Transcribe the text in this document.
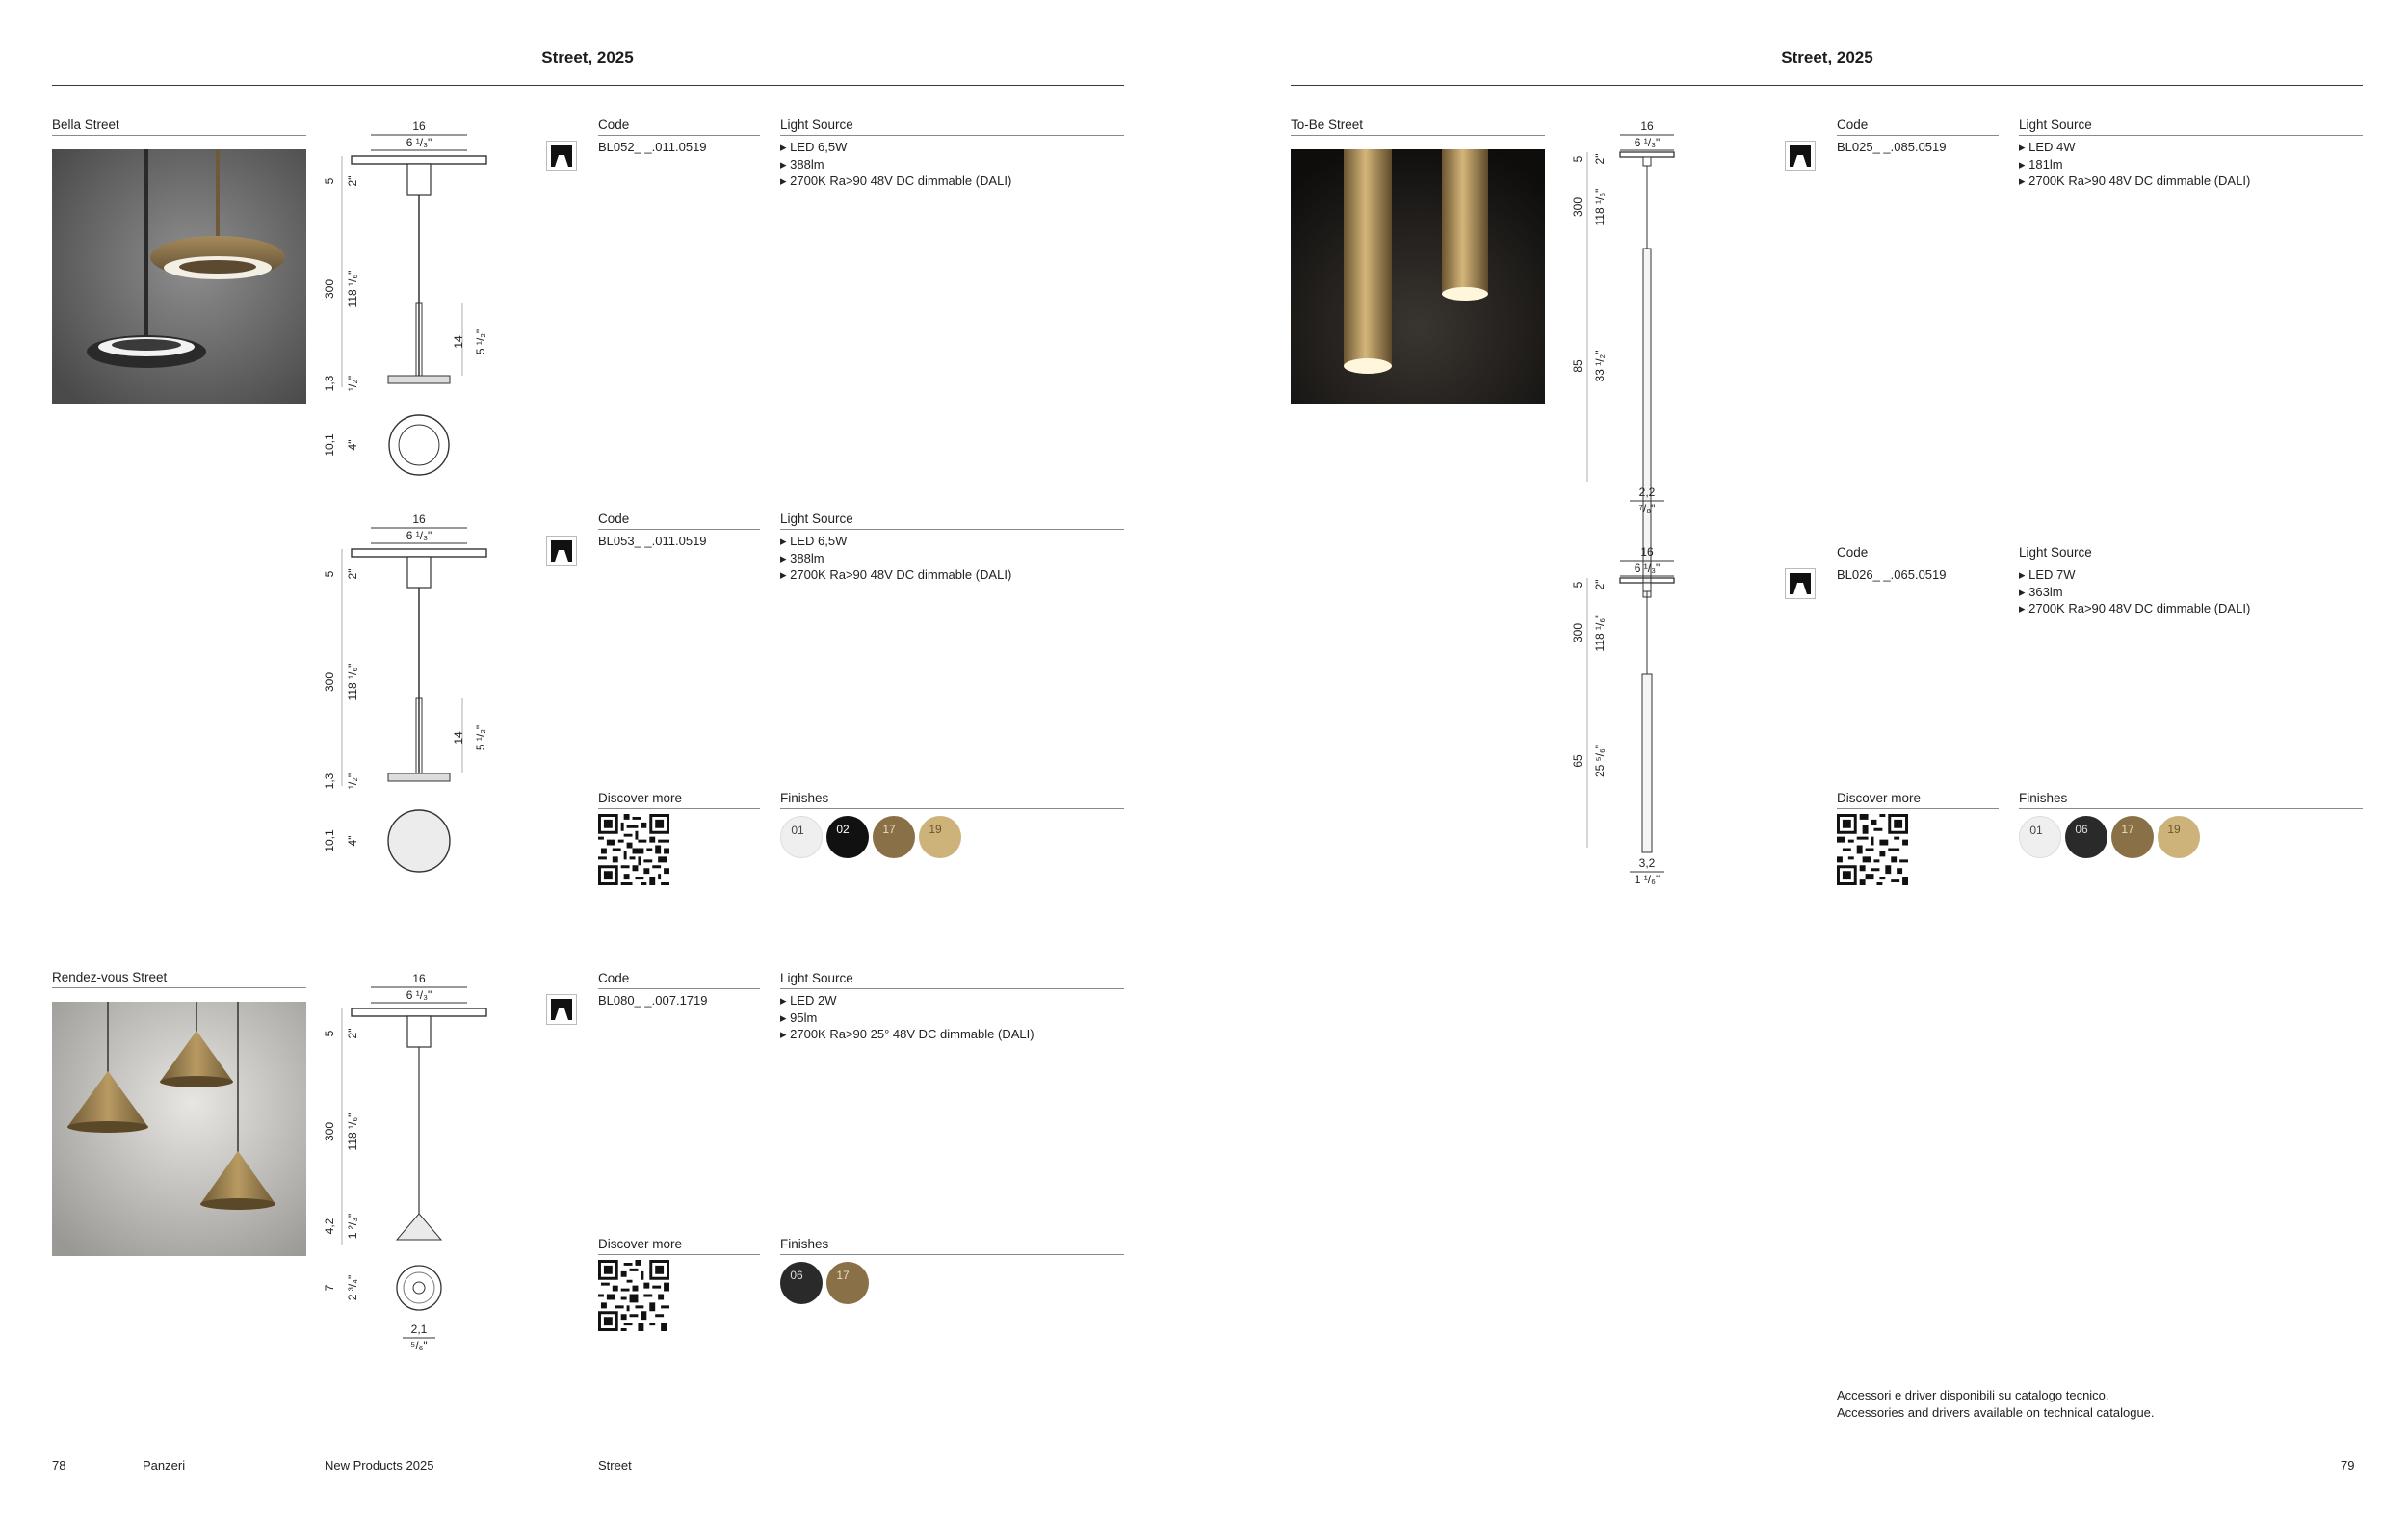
Street, 2025
Bella Street	16
6 ¹/₃"
5 2"
300 118 ¹/₆"
1,3 ¹/₂"
14 5 ¹/₂"
10,1 4"
Code
BL052_ _.011.0519
Light Source
▸ LED 6,5W
▸ 388lm
▸ 2700K Ra>90 48V DC dimmable (DALI)
16
6 ¹/₃"
5 2"
300 118 ¹/₆"
1,3 ¹/₂"
14 5 ¹/₂"
10,1 4"
Code
BL053_ _.011.0519
Light Source
▸ LED 6,5W
▸ 388lm
▸ 2700K Ra>90 48V DC dimmable (DALI)
Discover more	Finishes
01	02	17	19
Rendez-vous Street	16
6 ¹/₃"
5 2"
300 118 ¹/₆"
4,2 1 ²/₃"
7 2 ³/₄"
2,1
⁵/₆"
Code
BL080_ _.007.1719
Light Source
▸ LED 2W
▸ 95lm
▸ 2700K Ra>90 25° 48V DC dimmable (DALI)
Discover more	Finishes
06	17
78	Panzeri	New Products 2025	Street
Street, 2025
To-Be Street	16
6 ¹/₃"
5 2"
300 118 ¹/₆"
85 33 ¹/₂"
2,2
⁷/₈"
Code
BL025_ _.085.0519
Light Source
▸ LED 4W
▸ 181lm
▸ 2700K Ra>90 48V DC dimmable (DALI)
16
6 ¹/₃"
5 2"
300 118 ¹/₆"
65 25 ⁵/₆"
3,2
1 ¹/₆"
Code
BL026_ _.065.0519
Light Source
▸ LED 7W
▸ 363lm
▸ 2700K Ra>90 48V DC dimmable (DALI)
Discover more	Finishes
01	06	17	19
Accessori e driver disponibili su catalogo tecnico.
Accessories and drivers available on technical catalogue.
79
